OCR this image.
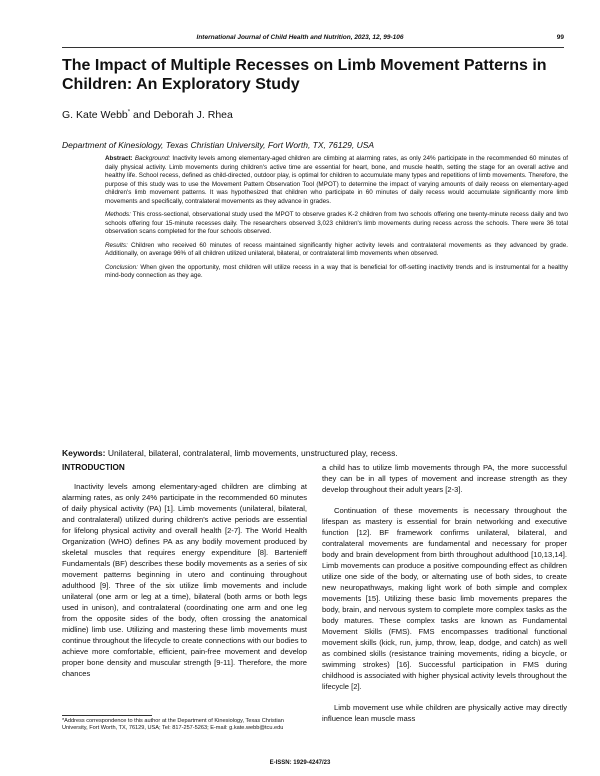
International Journal of Child Health and Nutrition, 2023, 12, 99-106	99
The Impact of Multiple Recesses on Limb Movement Patterns in Children: An Exploratory Study
G. Kate Webb* and Deborah J. Rhea
Department of Kinesiology, Texas Christian University, Fort Worth, TX, 76129, USA

Abstract: Background: Inactivity levels among elementary-aged children are climbing at alarming rates, as only 24% participate in the recommended 60 minutes of daily physical activity. Limb movements during children's active time are essential for heart, bone, and muscle health, setting the stage for an overall active and healthy life. School recess, defined as child-directed, outdoor play, is optimal for children to accumulate many types and repetitions of limb movements. Therefore, the purpose of this study was to use the Movement Pattern Observation Tool (MPOT) to determine the impact of varying amounts of daily recess on elementary-aged children's limb movement patterns. It was hypothesized that children who participate in 60 minutes of daily recess would accumulate significantly more limb movements and specifically, contralateral movements as they advance in grades.

Methods: This cross-sectional, observational study used the MPOT to observe grades K-2 children from two schools offering one twenty-minute recess daily and two schools offering four 15-minute recesses daily. The researchers observed 3,023 children's limb movements during recess across the schools. There were 36 total observation scans completed for the four schools observed.

Results: Children who received 60 minutes of recess maintained significantly higher activity levels and contralateral movements as they advanced by grade. Additionally, on average 96% of all children utilized unilateral, bilateral, or contralateral limb movements when observed.

Conclusion: When given the opportunity, most children will utilize recess in a way that is beneficial for off-setting inactivity trends and is instrumental for a healthy mind-body connection as they age.

Keywords: Unilateral, bilateral, contralateral, limb movements, unstructured play, recess.
INTRODUCTION

Inactivity levels among elementary-aged children are climbing at alarming rates, as only 24% participate in the recommended 60 minutes of daily physical activity (PA) [1]. Limb movements (unilateral, bilateral, and contralateral) utilized during children's active periods are essential for lifelong physical activity and overall health [2-7]. The World Health Organization (WHO) defines PA as any bodily movement produced by skeletal muscles that requires energy expenditure [8]. Bartenieff Fundamentals (BF) describes these bodily movements as a series of six movement patterns beginning in utero and continuing throughout adulthood [9]. Three of the six utilize limb movements and include unilateral (one arm or leg at a time), bilateral (both arms or both legs used in unison), and contralateral (coordinating one arm and one leg from the opposite sides of the body, often crossing the anatomical midline) limb use. Utilizing and mastering these limb movements must continue throughout the lifecycle to create connections with our bodies to achieve more comfortable, efficient, pain-free movement and develop proper bone density and muscular strength [9-11]. Therefore, the more chances

a child has to utilize limb movements through PA, the more successful they can be in all types of movement and increase strength as they develop throughout their adult years [2-3].

Continuation of these movements is necessary throughout the lifespan as mastery is essential for brain networking and executive function [12]. BF framework confirms unilateral, bilateral, and contralateral movements are fundamental and necessary for proper body and brain development from birth throughout adulthood [10,13,14]. Limb movements can produce a positive compounding effect as children utilize one side of the body, or alternating use of both sides, to create new neuropathways, making light work of both simple and complex movements [15]. Utilizing these basic limb movements prepares the body, brain, and nervous system to complete more complex tasks as the body matures. These complex tasks are known as Fundamental Movement Skills (FMS). FMS encompasses traditional functional movement skills (kick, run, jump, throw, leap, dodge, and catch) as well as combined skills (resistance training movements, riding a bicycle, or swimming strokes) [16]. Successful participation in FMS during childhood is associated with higher physical activity levels throughout the lifecycle [2].

Limb movement use while children are physically active may directly influence lean muscle mass

*Address correspondence to this author at the Department of Kinesiology, Texas Christian University, Fort Worth, TX, 76129, USA; Tel: 817-257-5263; E-mail: g.kate.webb@tcu.edu
E-ISSN: 1929-4247/23
